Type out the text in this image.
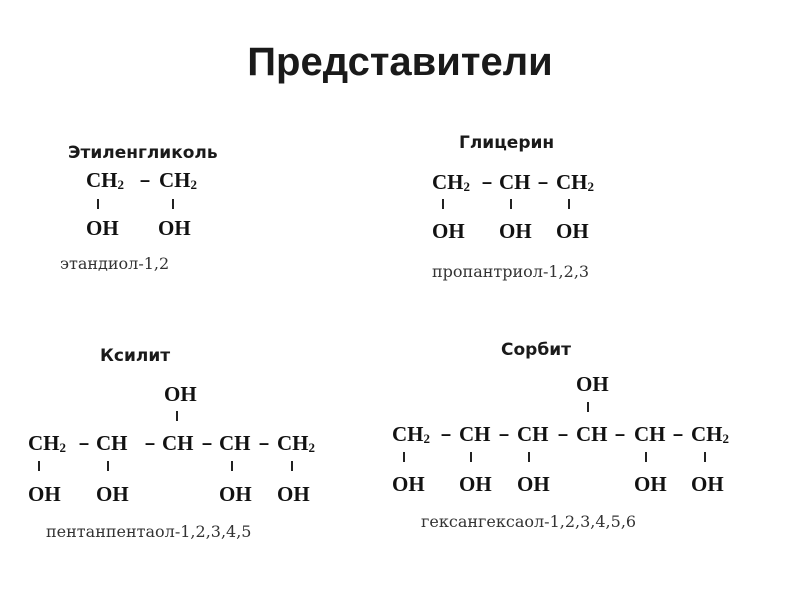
Представители
Этиленгликоль
$CH_2 - CH_2$
OH OH
этандиол-1,2
Глицерин
$CH_2$ – CH – $CH_2$
OH OH OH
пропантриол-1,2,3
Ксилит
OH
$CH_2$ – CH – CH – CH – $CH_2$
OH OH	OH OH
пентанпентаол-1,2,3,4,5
Сорбит
OH
$CH_2$ – CH – CH – CH – CH – $CH_2$
OH OH OH	OH OH
гексангексаол-1,2,3,4,5,6
